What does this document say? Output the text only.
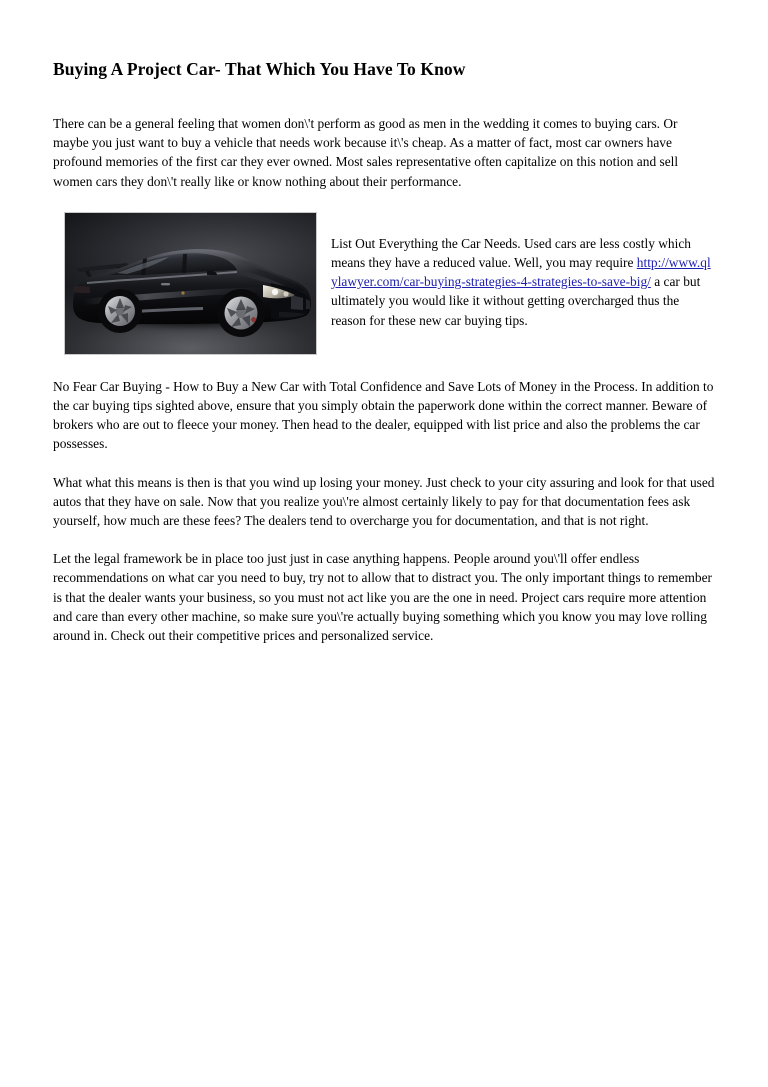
Buying A Project Car- That Which You Have To Know

There can be a general feeling that women don\'t perform as good as men in the wedding it comes to buying cars. Or maybe you just want to buy a vehicle that needs work because it\'s cheap. As a matter of fact, most car owners have profound memories of the first car they ever owned. Most sales representative often capitalize on this notion and sell women cars they don\'t really like or know nothing about their performance.

List Out Everything the Car Needs. Used cars are less costly which means they have a reduced value. Well, you may require http://www.qlylawyer.com/car-buying-strategies-4-strategies-to-save-big/ a car but ultimately you would like it without getting overcharged thus the reason for these new car buying tips.

No Fear Car Buying - How to Buy a New Car with Total Confidence and Save Lots of Money in the Process. In addition to the car buying tips sighted above, ensure that you simply obtain the paperwork done within the correct manner. Beware of brokers who are out to fleece your money. Then head to the dealer, equipped with list price and also the problems the car possesses.

What what this means is then is that you wind up losing your money. Just check to your city assuring and look for that used autos that they have on sale. Now that you realize you\'re almost certainly likely to pay for that documentation fees ask yourself, how much are these fees? The dealers tend to overcharge you for documentation, and that is not right.

Let the legal framework be in place too just just in case anything happens. People around you\'ll offer endless recommendations on what car you need to buy, try not to allow that to distract you. The only important things to remember is that the dealer wants your business, so you must not act like you are the one in need. Project cars require more attention and care than every other machine, so make sure you\'re actually buying something which you know you may love rolling around in. Check out their competitive prices and personalized service.
